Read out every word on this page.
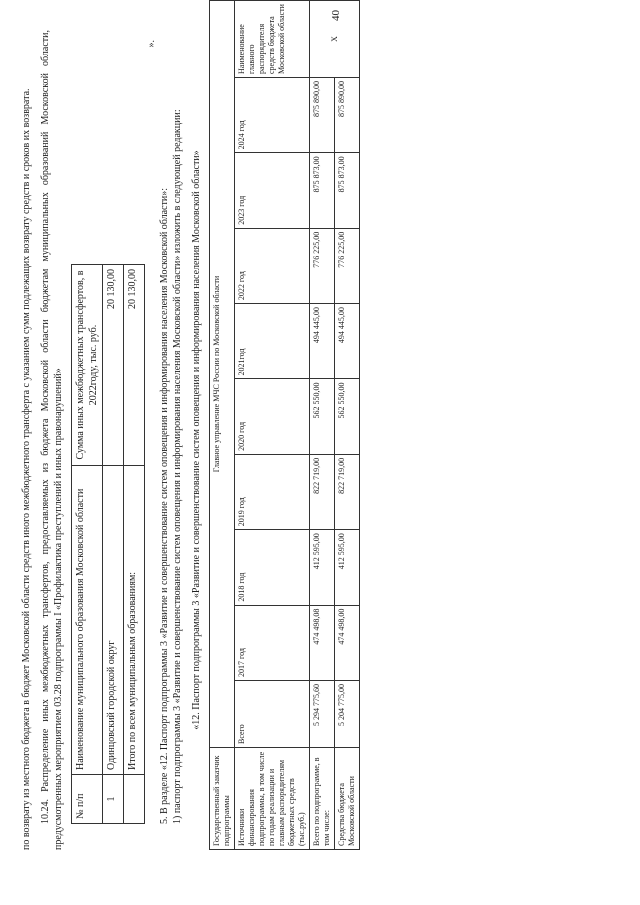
40

по возврату из местного бюджета в бюджет Московской области средств иного межбюджетного трансферта с указанием сумм подлежащих возврату средств и сроков их возврата. 10.24. Распределение иных межбюджетных трансфертов, предоставляемых из бюджета Московской области бюджетам муниципальных образований Московской области, предусмотренных мероприятием 03.28 подпрограммы I «Профилактика преступлений и иных правонарушений» № п/п	Наименование муниципального образования Московской области	Сумма иных межбюджетных трансфертов, в 2022году, тыс. руб.
1	Одинцовский городской округ	20 130,00
	Итого по всем муниципальным образованиям:	20 130,00
».

5. В разделе «12. Паспорт подпрограммы 3 «Развитие и совершенствование систем оповещения и информирования населения Московской области»: 1) паспорт подпрограммы 3 «Развитие и совершенствование систем оповещения и информирования населения Московской области» изложить в следующей редакции: «12. Паспорт подпрограммы 3 «Развитие и совершенствование систем оповещения и информирования населения Московской области»

Государственный заказчик подпрограммы	Главное управление МЧС России по Московской области									
Источники финансирования подпрограммы, в том числе по годам реализации и главным распорядителям бюджетных средств (тыс.руб.)	Всего	2017 год	2018 год	2019 год	2020 год	2021год	2022 год	2023 год	2024 год	Наименование главного распорядителя средств бюджета Московской области
Всего по подпрограмме, в том числе:	5 294 775,60	474 498,08	412 595,00	822 719,00	562 550,00	494 445,00	776 225,00	875 873,00	875 890,00	X
Средства бюджета Московской области	5 204 775,00	474 498,00	412 595,00	822 719,00	562 550,00	494 445,00	776 225,00	875 873,00	875 890,00	
